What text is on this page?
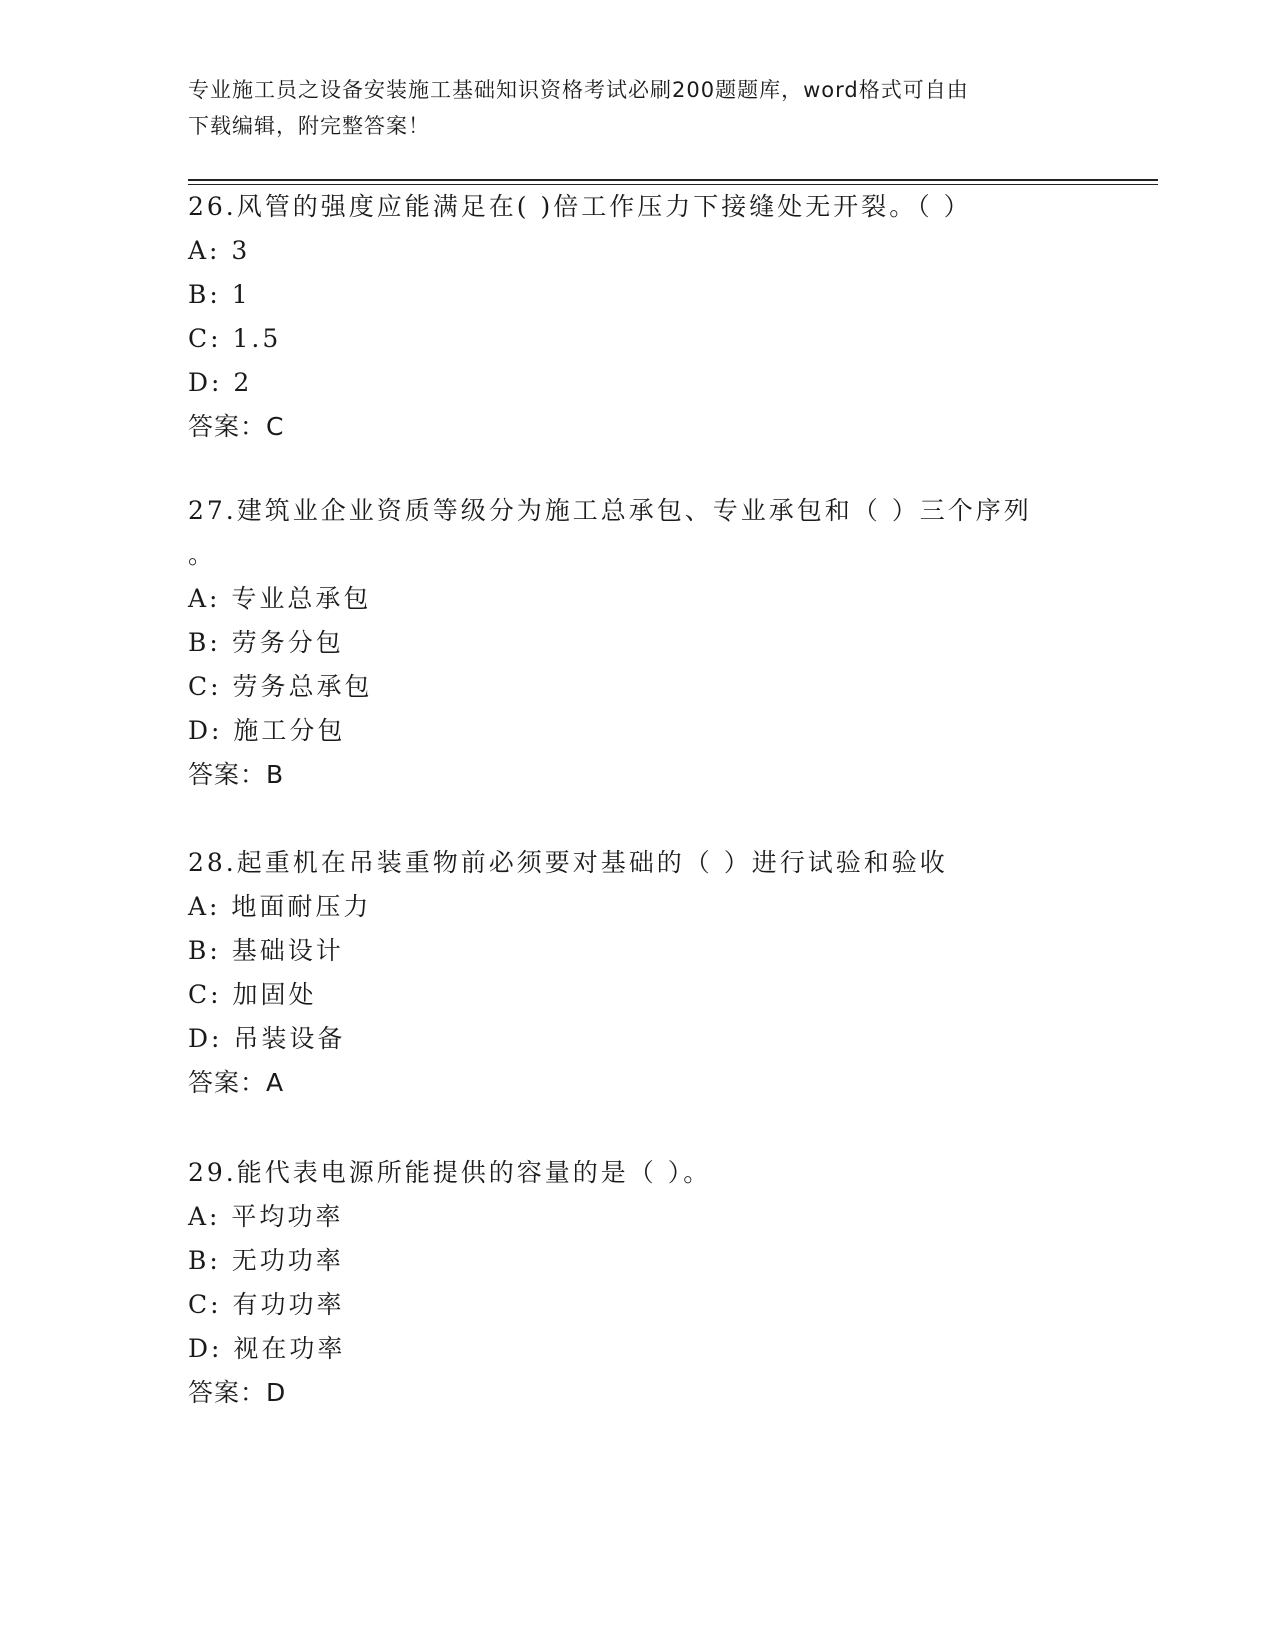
专业施工员之设备安装施工基础知识资格考试必刷200题题库，word格式可自由
下载编辑，附完整答案！
26.风管的强度应能满足在( )倍工作压力下接缝处无开裂。（ ）
A: 3
B: 1
C: 1.5
D: 2
答案：C
27.建筑业企业资质等级分为施工总承包、专业承包和（ ）三个序列
。
A: 专业总承包
B: 劳务分包
C: 劳务总承包
D: 施工分包
答案：B
28.起重机在吊装重物前必须要对基础的（ ）进行试验和验收
A: 地面耐压力
B: 基础设计
C: 加固处
D: 吊装设备
答案：A
29.能代表电源所能提供的容量的是（ ）。
A: 平均功率
B: 无功功率
C: 有功功率
D: 视在功率
答案：D
